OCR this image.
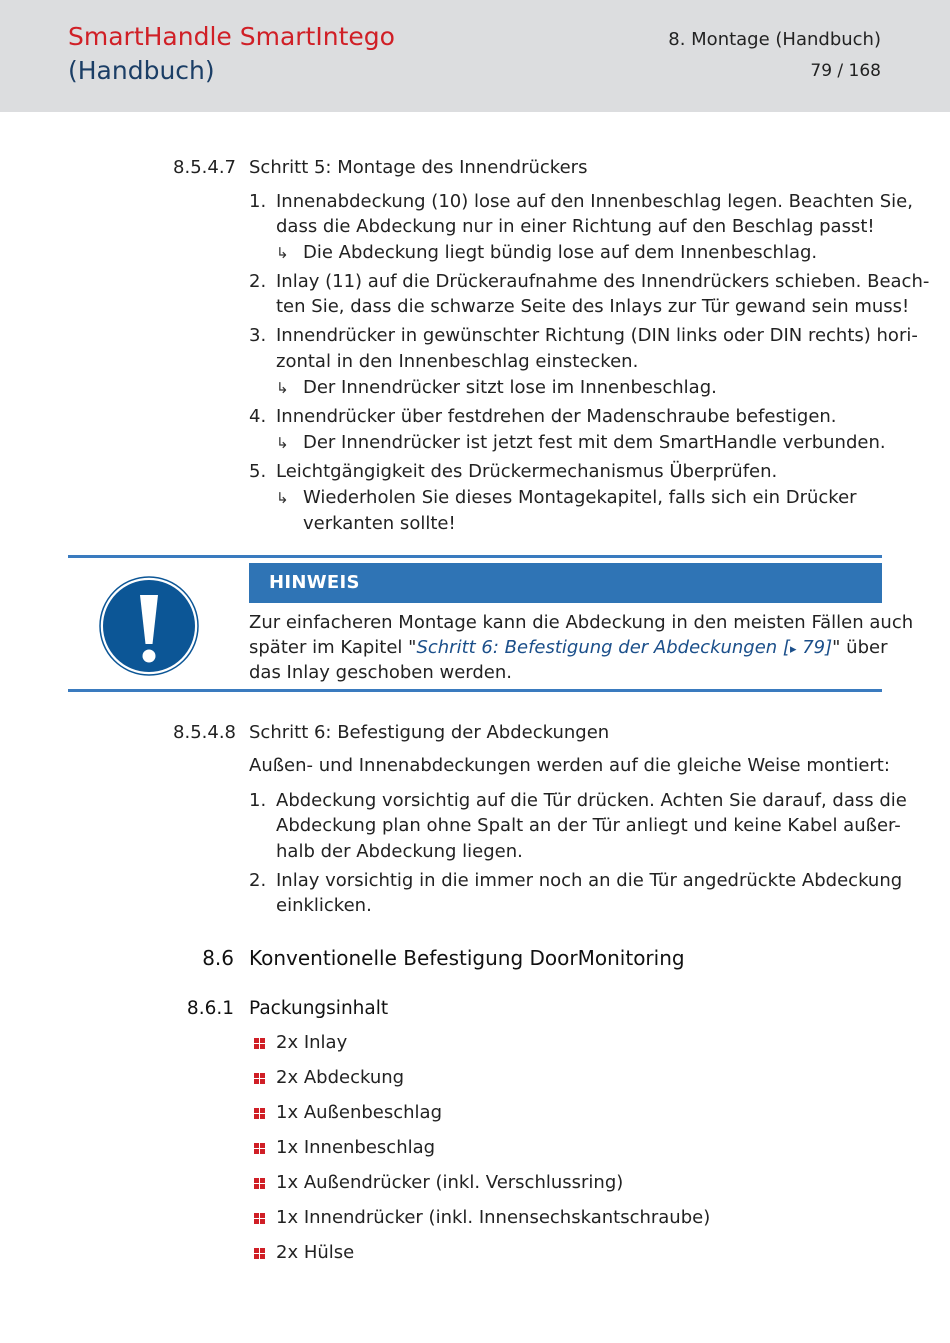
SmartHandle SmartIntego
(Handbuch)
8. Montage (Handbuch)
79 / 168
8.5.4.7 Schritt 5: Montage des Innendrückers
1. Innenabdeckung (10) lose auf den Innenbeschlag legen. Beachten Sie,
dass die Abdeckung nur in einer Richtung auf den Beschlag passt!
↳ Die Abdeckung liegt bündig lose auf dem Innenbeschlag.
2. Inlay (11) auf die Drückeraufnahme des Innendrückers schieben. Beach-
ten Sie, dass die schwarze Seite des Inlays zur Tür gewand sein muss!
3. Innendrücker in gewünschter Richtung (DIN links oder DIN rechts) hori-
zontal in den Innenbeschlag einstecken.
↳ Der Innendrücker sitzt lose im Innenbeschlag.
4. Innendrücker über festdrehen der Madenschraube befestigen.
↳ Der Innendrücker ist jetzt fest mit dem SmartHandle verbunden.
5. Leichtgängigkeit des Drückermechanismus Überprüfen.
↳ Wiederholen Sie dieses Montagekapitel, falls sich ein Drücker
verkanten sollte!
HINWEIS
Zur einfacheren Montage kann die Abdeckung in den meisten Fällen auch
später im Kapitel "Schritt 6: Befestigung der Abdeckungen [▸ 79]" über
das Inlay geschoben werden.
8.5.4.8 Schritt 6: Befestigung der Abdeckungen
Außen- und Innenabdeckungen werden auf die gleiche Weise montiert:
1. Abdeckung vorsichtig auf die Tür drücken. Achten Sie darauf, dass die
Abdeckung plan ohne Spalt an der Tür anliegt und keine Kabel außer-
halb der Abdeckung liegen.
2. Inlay vorsichtig in die immer noch an die Tür angedrückte Abdeckung
einklicken.
8.6 Konventionelle Befestigung DoorMonitoring
8.6.1 Packungsinhalt
2x Inlay
2x Abdeckung
1x Außenbeschlag
1x Innenbeschlag
1x Außendrücker (inkl. Verschlussring)
1x Innendrücker (inkl. Innensechskantschraube)
2x Hülse
